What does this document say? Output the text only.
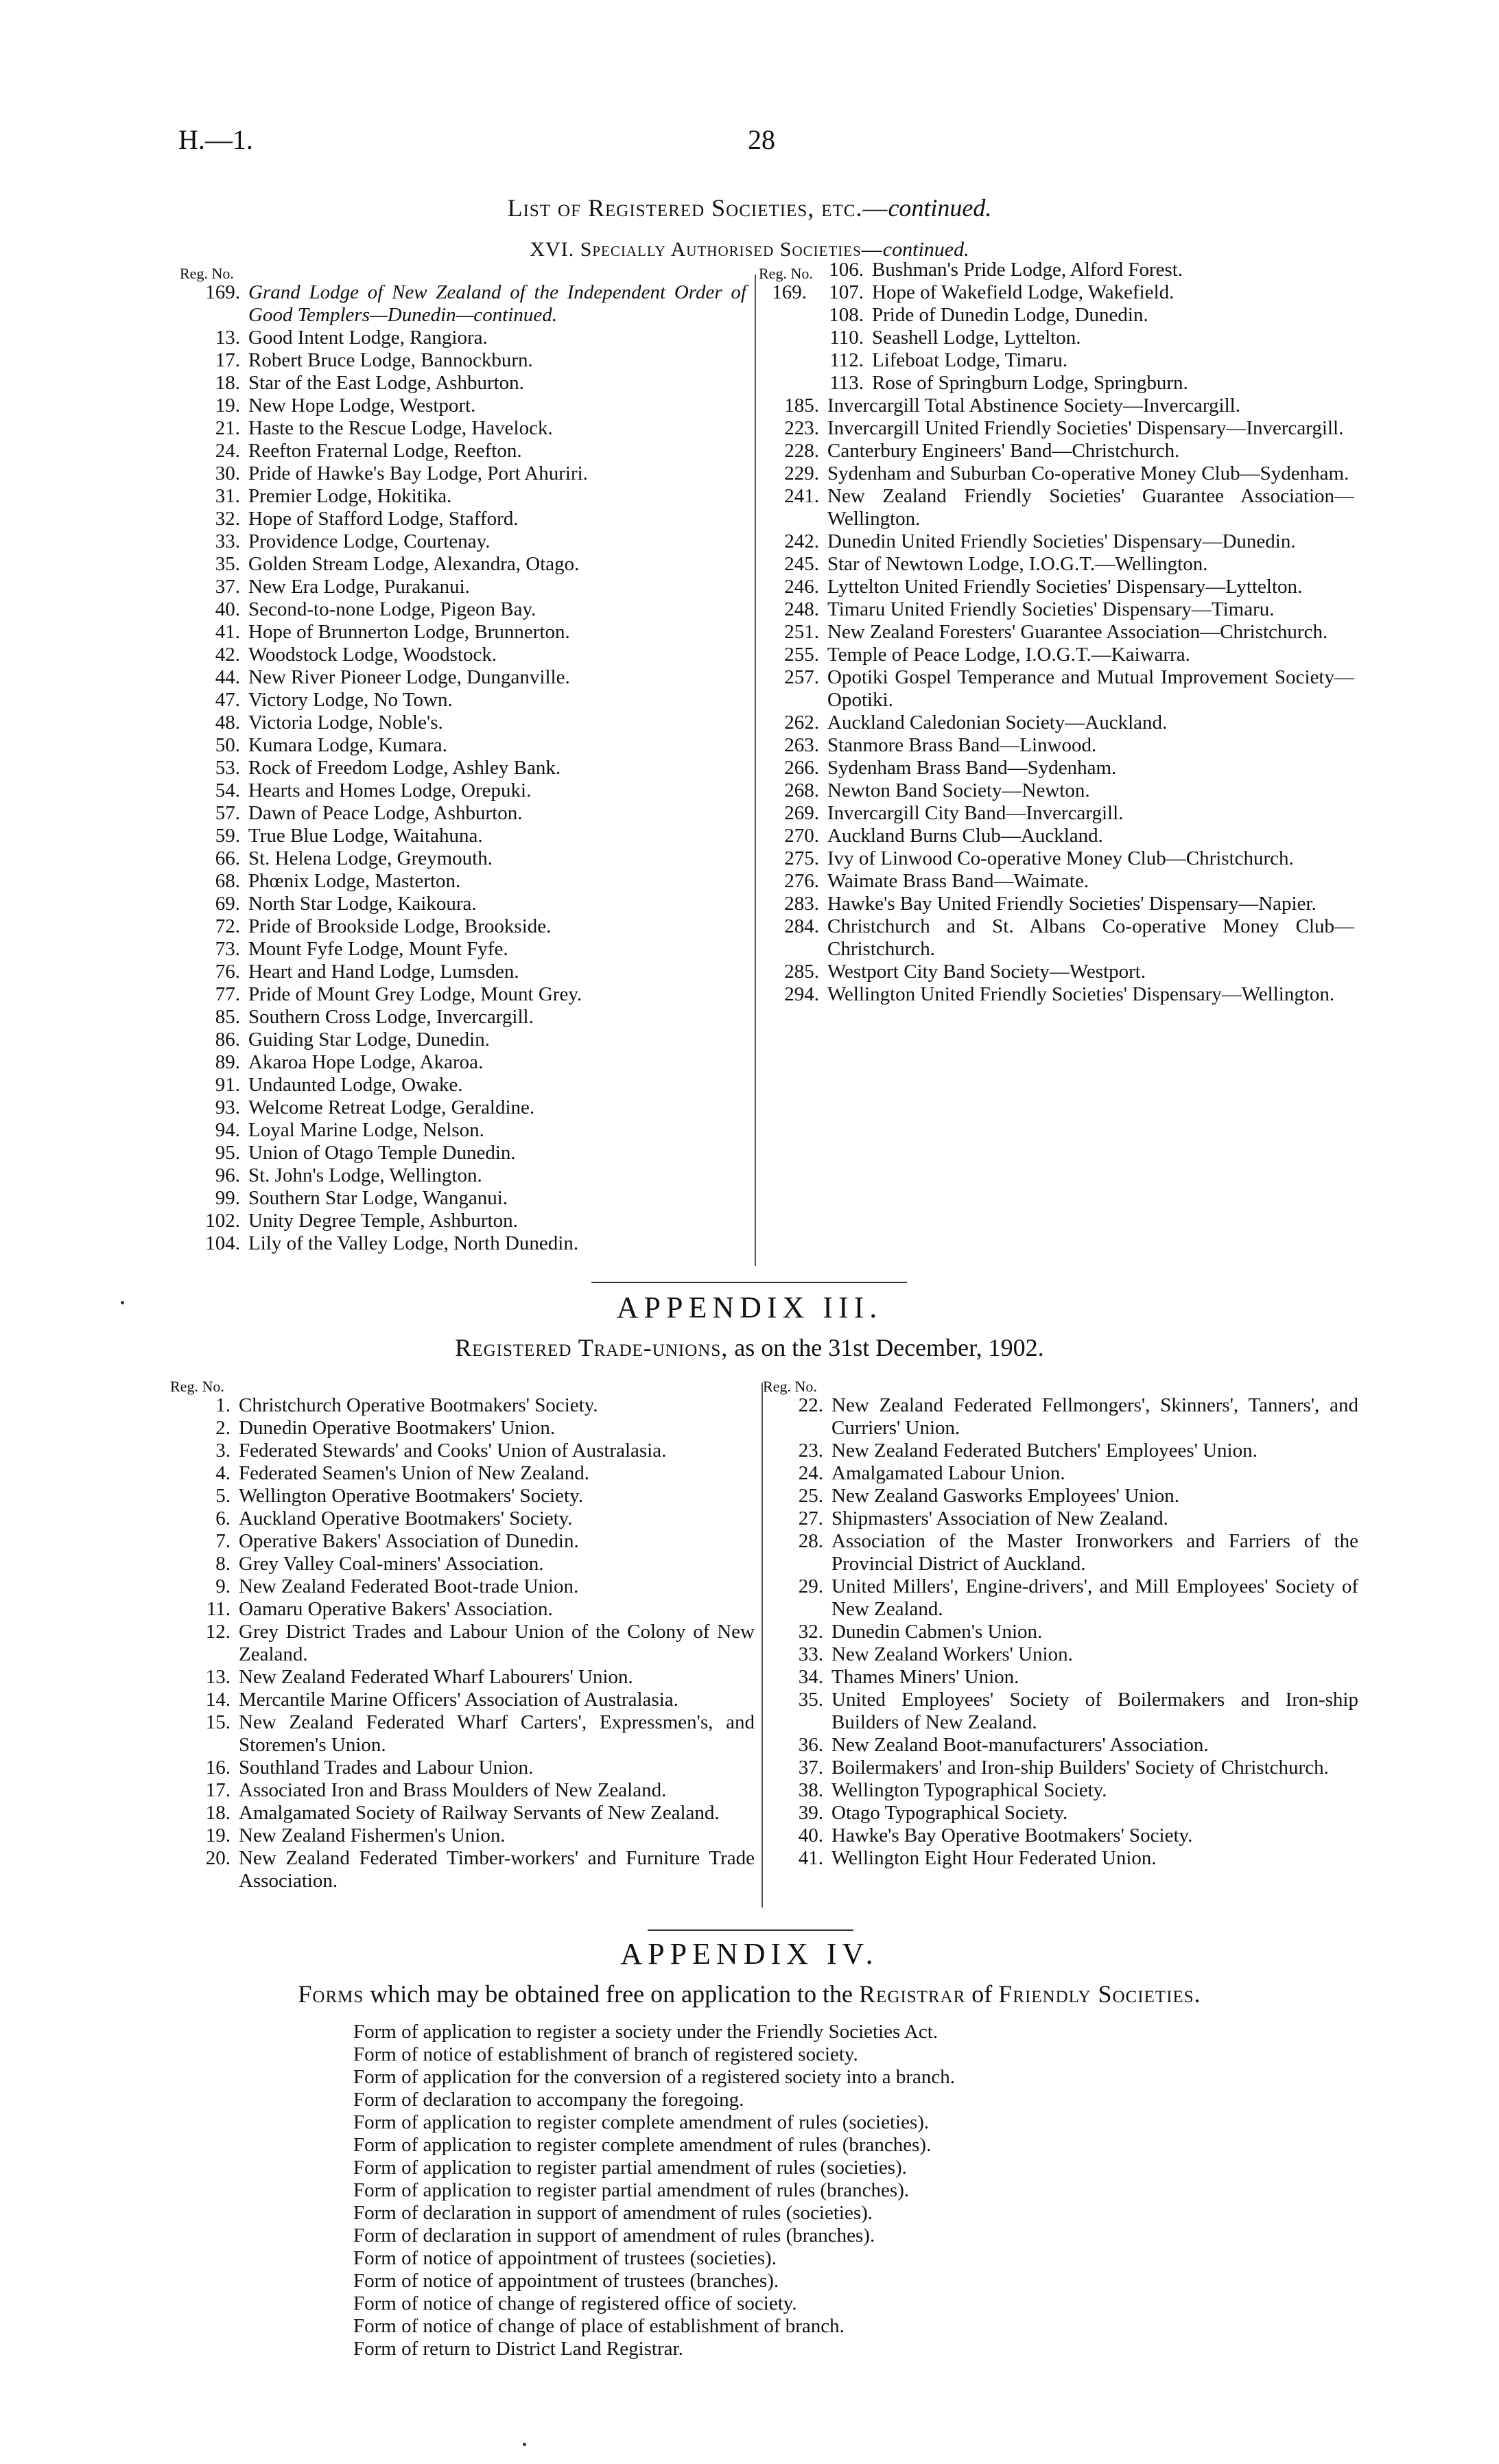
H.—1.	28
List of Registered Societies, etc.—continued.
XVI. Specially Authorised Societies—continued.
Reg. No.
169. Grand Lodge of New Zealand of the Independent Order of Good Templers—Dunedin—continued.
13. Good Intent Lodge, Rangiora.
17. Robert Bruce Lodge, Bannockburn.
18. Star of the East Lodge, Ashburton.
19. New Hope Lodge, Westport.
21. Haste to the Rescue Lodge, Havelock.
24. Reefton Fraternal Lodge, Reefton.
30. Pride of Hawke's Bay Lodge, Port Ahuriri.
31. Premier Lodge, Hokitika.
32. Hope of Stafford Lodge, Stafford.
33. Providence Lodge, Courtenay.
35. Golden Stream Lodge, Alexandra, Otago.
37. New Era Lodge, Purakanui.
40. Second-to-none Lodge, Pigeon Bay.
41. Hope of Brunnerton Lodge, Brunnerton.
42. Woodstock Lodge, Woodstock.
44. New River Pioneer Lodge, Dunganville.
47. Victory Lodge, No Town.
48. Victoria Lodge, Noble's.
50. Kumara Lodge, Kumara.
53. Rock of Freedom Lodge, Ashley Bank.
54. Hearts and Homes Lodge, Orepuki.
57. Dawn of Peace Lodge, Ashburton.
59. True Blue Lodge, Waitahuna.
66. St. Helena Lodge, Greymouth.
68. Phœnix Lodge, Masterton.
69. North Star Lodge, Kaikoura.
72. Pride of Brookside Lodge, Brookside.
73. Mount Fyfe Lodge, Mount Fyfe.
76. Heart and Hand Lodge, Lumsden.
77. Pride of Mount Grey Lodge, Mount Grey.
85. Southern Cross Lodge, Invercargill.
86. Guiding Star Lodge, Dunedin.
89. Akaroa Hope Lodge, Akaroa.
91. Undaunted Lodge, Owake.
93. Welcome Retreat Lodge, Geraldine.
94. Loyal Marine Lodge, Nelson.
95. Union of Otago Temple Dunedin.
96. St. John's Lodge, Wellington.
99. Southern Star Lodge, Wanganui.
102. Unity Degree Temple, Ashburton.
104. Lily of the Valley Lodge, North Dunedin.
Reg. No.
169.
106. Bushman's Pride Lodge, Alford Forest.
107. Hope of Wakefield Lodge, Wakefield.
108. Pride of Dunedin Lodge, Dunedin.
110. Seashell Lodge, Lyttelton.
112. Lifeboat Lodge, Timaru.
113. Rose of Springburn Lodge, Springburn.
185. Invercargill Total Abstinence Society—Invercargill.
223. Invercargill United Friendly Societies' Dispensary—Invercargill.
228. Canterbury Engineers' Band—Christchurch.
229. Sydenham and Suburban Co-operative Money Club—Sydenham.
241. New Zealand Friendly Societies' Guarantee Association—Wellington.
242. Dunedin United Friendly Societies' Dispensary—Dunedin.
245. Star of Newtown Lodge, I.O.G.T.—Wellington.
246. Lyttelton United Friendly Societies' Dispensary—Lyttelton.
248. Timaru United Friendly Societies' Dispensary—Timaru.
251. New Zealand Foresters' Guarantee Association—Christchurch.
255. Temple of Peace Lodge, I.O.G.T.—Kaiwarra.
257. Opotiki Gospel Temperance and Mutual Improvement Society—Opotiki.
262. Auckland Caledonian Society—Auckland.
263. Stanmore Brass Band—Linwood.
266. Sydenham Brass Band—Sydenham.
268. Newton Band Society—Newton.
269. Invercargill City Band—Invercargill.
270. Auckland Burns Club—Auckland.
275. Ivy of Linwood Co-operative Money Club—Christchurch.
276. Waimate Brass Band—Waimate.
283. Hawke's Bay United Friendly Societies' Dispensary—Napier.
284. Christchurch and St. Albans Co-operative Money Club—Christchurch.
285. Westport City Band Society—Westport.
294. Wellington United Friendly Societies' Dispensary—Wellington.
APPENDIX III.
Registered Trade-unions, as on the 31st December, 1902.
Reg. No.
1. Christchurch Operative Bootmakers' Society.
2. Dunedin Operative Bootmakers' Union.
3. Federated Stewards' and Cooks' Union of Australasia.
4. Federated Seamen's Union of New Zealand.
5. Wellington Operative Bootmakers' Society.
6. Auckland Operative Bootmakers' Society.
7. Operative Bakers' Association of Dunedin.
8. Grey Valley Coal-miners' Association.
9. New Zealand Federated Boot-trade Union.
11. Oamaru Operative Bakers' Association.
12. Grey District Trades and Labour Union of the Colony of New Zealand.
13. New Zealand Federated Wharf Labourers' Union.
14. Mercantile Marine Officers' Association of Australasia.
15. New Zealand Federated Wharf Carters', Expressmen's, and Storemen's Union.
16. Southland Trades and Labour Union.
17. Associated Iron and Brass Moulders of New Zealand.
18. Amalgamated Society of Railway Servants of New Zealand.
19. New Zealand Fishermen's Union.
20. New Zealand Federated Timber-workers' and Furniture Trade Association.
Reg. No.
22. New Zealand Federated Fellmongers', Skinners', Tanners', and Curriers' Union.
23. New Zealand Federated Butchers' Employees' Union.
24. Amalgamated Labour Union.
25. New Zealand Gasworks Employees' Union.
27. Shipmasters' Association of New Zealand.
28. Association of the Master Ironworkers and Farriers of the Provincial District of Auckland.
29. United Millers', Engine-drivers', and Mill Employees' Society of New Zealand.
32. Dunedin Cabmen's Union.
33. New Zealand Workers' Union.
34. Thames Miners' Union.
35. United Employees' Society of Boilermakers and Iron-ship Builders of New Zealand.
36. New Zealand Boot-manufacturers' Association.
37. Boilermakers' and Iron-ship Builders' Society of Christchurch.
38. Wellington Typographical Society.
39. Otago Typographical Society.
40. Hawke's Bay Operative Bootmakers' Society.
41. Wellington Eight Hour Federated Union.
APPENDIX IV.
Forms which may be obtained free on application to the Registrar of Friendly Societies.
Form of application to register a society under the Friendly Societies Act.
Form of notice of establishment of branch of registered society.
Form of application for the conversion of a registered society into a branch.
Form of declaration to accompany the foregoing.
Form of application to register complete amendment of rules (societies).
Form of application to register complete amendment of rules (branches).
Form of application to register partial amendment of rules (societies).
Form of application to register partial amendment of rules (branches).
Form of declaration in support of amendment of rules (societies).
Form of declaration in support of amendment of rules (branches).
Form of notice of appointment of trustees (societies).
Form of notice of appointment of trustees (branches).
Form of notice of change of registered office of society.
Form of notice of change of place of establishment of branch.
Form of return to District Land Registrar.
